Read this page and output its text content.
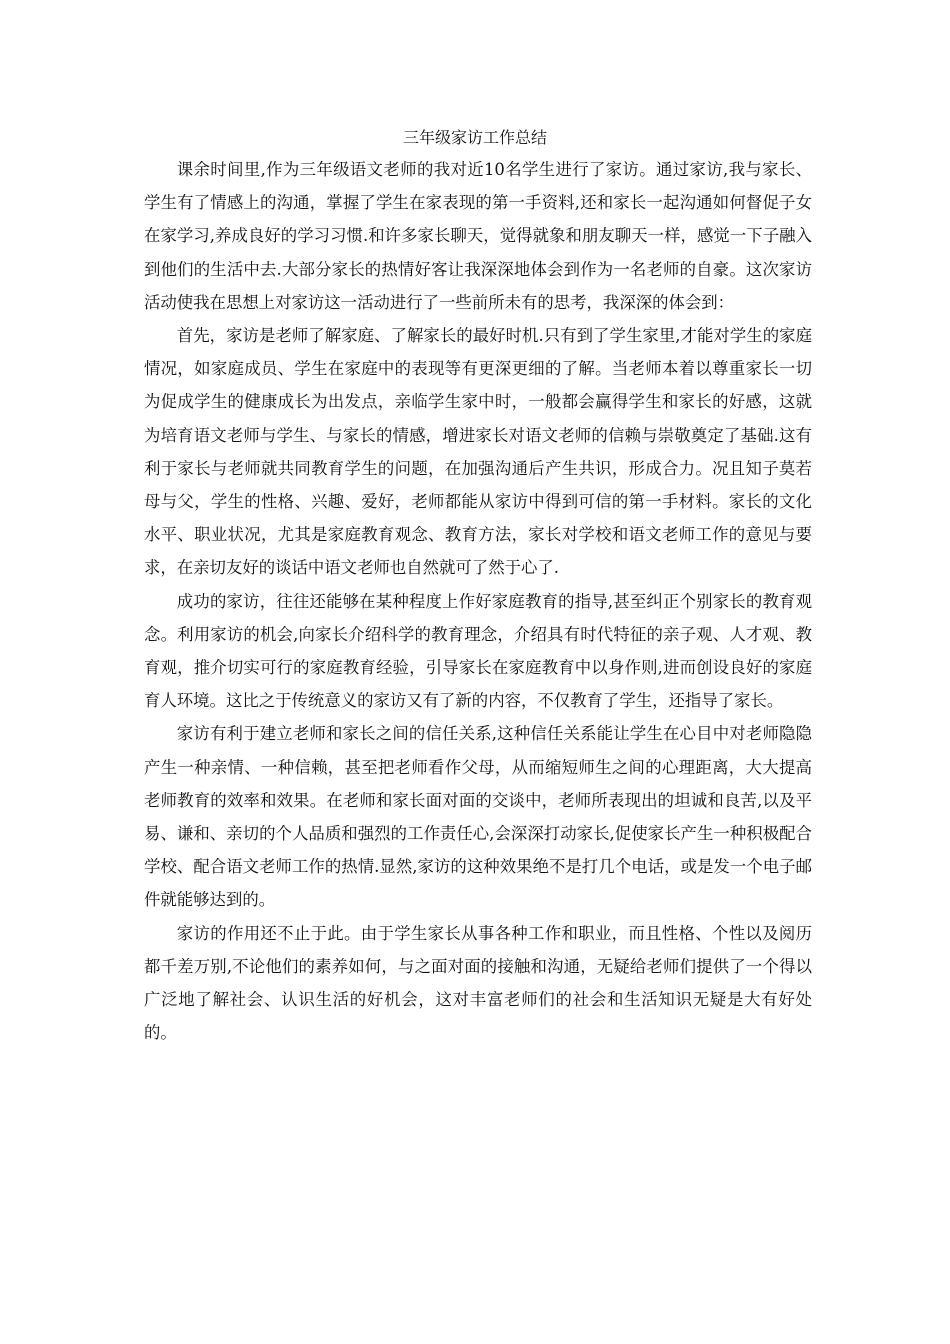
三年级家访工作总结

课余时间里,作为三年级语文老师的我对近10名学生进行了家访。通过家访,我与家长、学生有了情感上的沟通，掌握了学生在家表现的第一手资料,还和家长一起沟通如何督促子女在家学习,养成良好的学习习惯.和许多家长聊天，觉得就象和朋友聊天一样，感觉一下子融入到他们的生活中去.大部分家长的热情好客让我深深地体会到作为一名老师的自豪。这次家访活动使我在思想上对家访这一活动进行了一些前所未有的思考，我深深的体会到：

首先，家访是老师了解家庭、了解家长的最好时机.只有到了学生家里,才能对学生的家庭情况，如家庭成员、学生在家庭中的表现等有更深更细的了解。当老师本着以尊重家长一切为促成学生的健康成长为出发点，亲临学生家中时，一般都会赢得学生和家长的好感，这就为培育语文老师与学生、与家长的情感，增进家长对语文老师的信赖与崇敬奠定了基础.这有利于家长与老师就共同教育学生的问题，在加强沟通后产生共识，形成合力。况且知子莫若母与父，学生的性格、兴趣、爱好，老师都能从家访中得到可信的第一手材料。家长的文化水平、职业状况，尤其是家庭教育观念、教育方法，家长对学校和语文老师工作的意见与要求，在亲切友好的谈话中语文老师也自然就可了然于心了.

成功的家访，往往还能够在某种程度上作好家庭教育的指导,甚至纠正个别家长的教育观念。利用家访的机会,向家长介绍科学的教育理念，介绍具有时代特征的亲子观、人才观、教育观，推介切实可行的家庭教育经验，引导家长在家庭教育中以身作则,进而创设良好的家庭育人环境。这比之于传统意义的家访又有了新的内容，不仅教育了学生，还指导了家长。

家访有利于建立老师和家长之间的信任关系,这种信任关系能让学生在心目中对老师隐隐产生一种亲情、一种信赖，甚至把老师看作父母，从而缩短师生之间的心理距离，大大提高老师教育的效率和效果。在老师和家长面对面的交谈中，老师所表现出的坦诚和良苦,以及平易、谦和、亲切的个人品质和强烈的工作责任心,会深深打动家长,促使家长产生一种积极配合学校、配合语文老师工作的热情.显然,家访的这种效果绝不是打几个电话，或是发一个电子邮件就能够达到的。

家访的作用还不止于此。由于学生家长从事各种工作和职业，而且性格、个性以及阅历都千差万别,不论他们的素养如何，与之面对面的接触和沟通，无疑给老师们提供了一个得以广泛地了解社会、认识生活的好机会，这对丰富老师们的社会和生活知识无疑是大有好处的。
